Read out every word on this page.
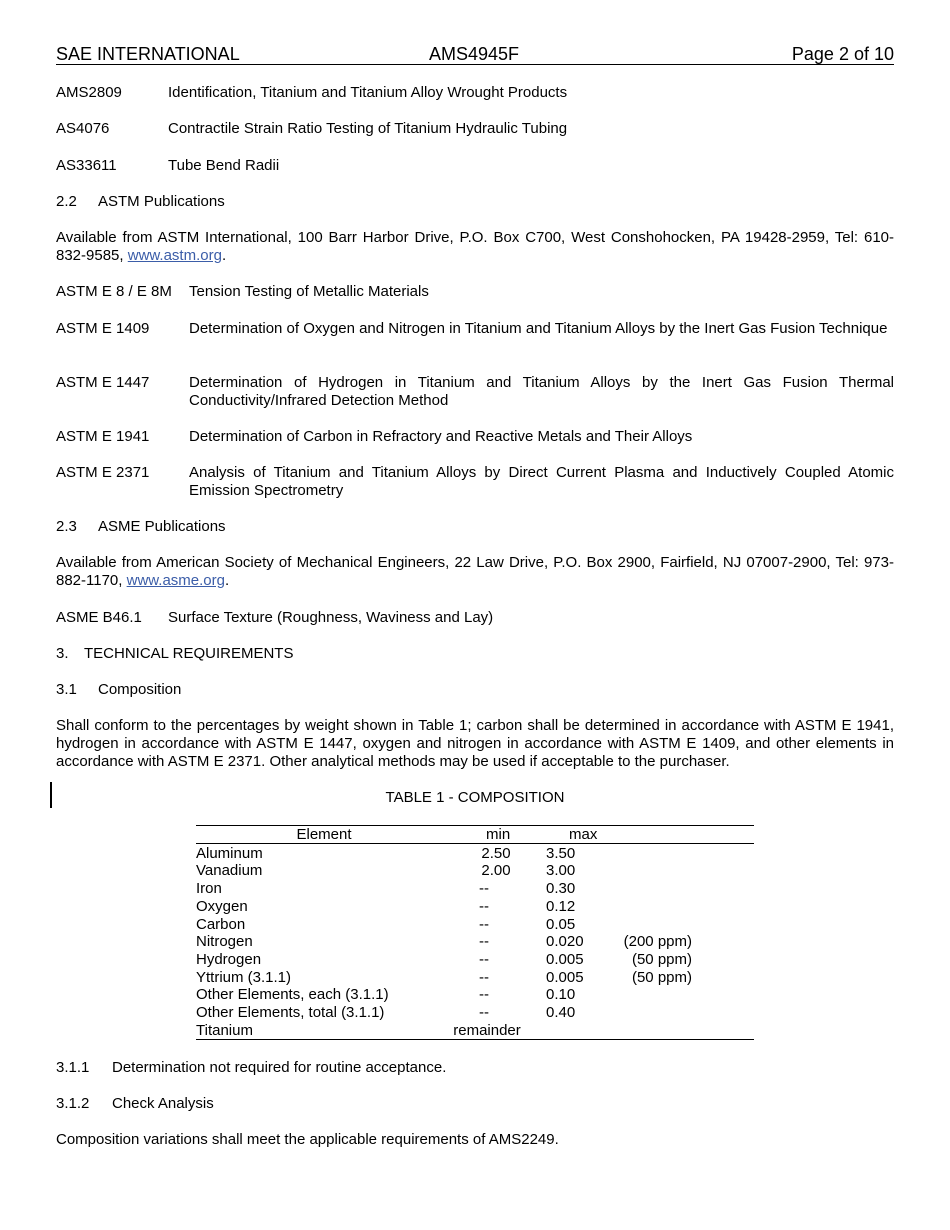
SAE INTERNATIONAL	AMS4945F	Page 2 of 10
AMS2809	Identification, Titanium and Titanium Alloy Wrought Products
AS4076	Contractile Strain Ratio Testing of Titanium Hydraulic Tubing
AS33611	Tube Bend Radii
2.2 ASTM Publications
Available from ASTM International, 100 Barr Harbor Drive, P.O. Box C700, West Conshohocken, PA 19428-2959, Tel: 610-832-9585, www.astm.org.
ASTM E 8 / E 8M Tension Testing of Metallic Materials
ASTM E 1409	Determination of Oxygen and Nitrogen in Titanium and Titanium Alloys by the Inert Gas Fusion Technique
ASTM E 1447	Determination of Hydrogen in Titanium and Titanium Alloys by the Inert Gas Fusion Thermal Conductivity/Infrared Detection Method
ASTM E 1941	Determination of Carbon in Refractory and Reactive Metals and Their Alloys
ASTM E 2371	Analysis of Titanium and Titanium Alloys by Direct Current Plasma and Inductively Coupled Atomic Emission Spectrometry
2.3 ASME Publications
Available from American Society of Mechanical Engineers, 22 Law Drive, P.O. Box 2900, Fairfield, NJ 07007-2900, Tel: 973-882-1170, www.asme.org.
ASME B46.1 Surface Texture (Roughness, Waviness and Lay)
3. TECHNICAL REQUIREMENTS
3.1 Composition
Shall conform to the percentages by weight shown in Table 1; carbon shall be determined in accordance with ASTM E 1941, hydrogen in accordance with ASTM E 1447, oxygen and nitrogen in accordance with ASTM E 1409, and other elements in accordance with ASTM E 2371. Other analytical methods may be used if acceptable to the purchaser.
TABLE 1 - COMPOSITION
Element	min	max
Aluminum	2.50	3.50
Vanadium	2.00	3.00
Iron	--	0.30
Oxygen	--	0.12
Carbon	--	0.05
Nitrogen	--	0.020	(200 ppm)
Hydrogen	--	0.005	(50 ppm)
Yttrium (3.1.1)	--	0.005	(50 ppm)
Other Elements, each (3.1.1)	--	0.10
Other Elements, total (3.1.1)	--	0.40
Titanium	remainder
3.1.1 Determination not required for routine acceptance.
3.1.2 Check Analysis
Composition variations shall meet the applicable requirements of AMS2249.
